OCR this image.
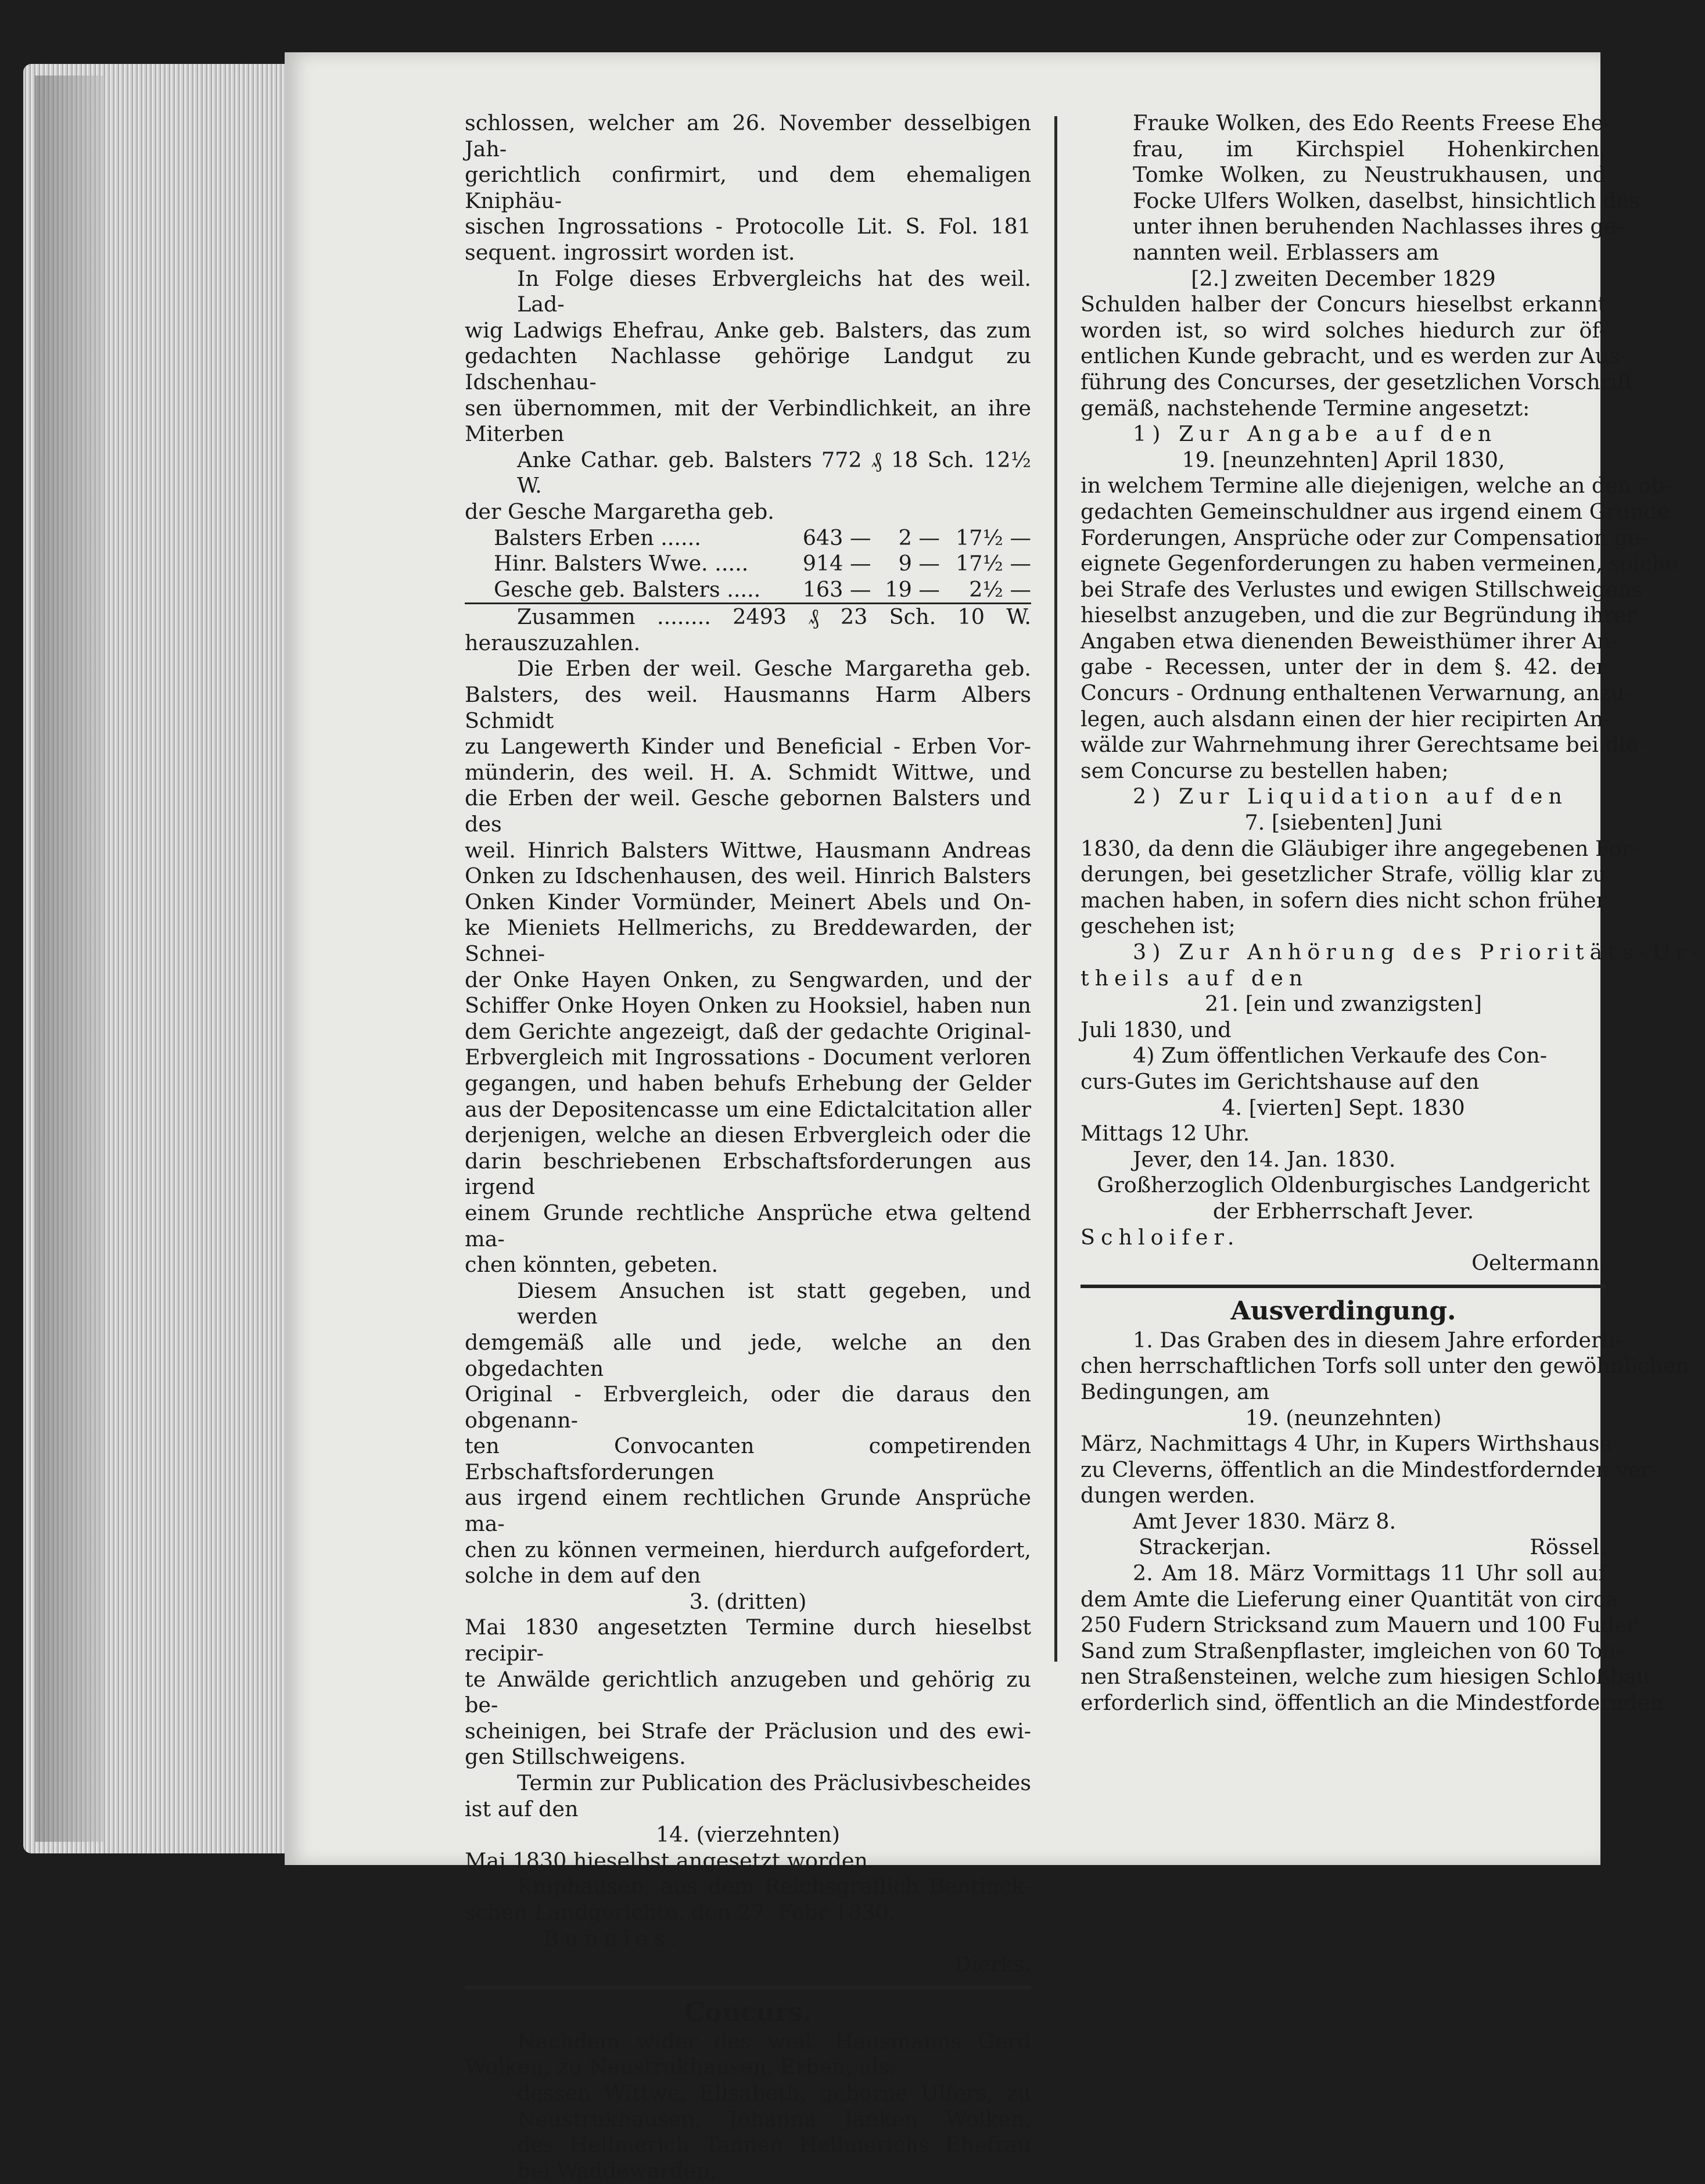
schlossen, welcher am 26. November desselbigen Jah-
gerichtlich confirmirt, und dem ehemaligen Kniphäu-
sischen Ingrossations - Protocolle Lit. S. Fol. 181
sequent. ingrossirt worden ist.
In Folge dieses Erbvergleichs hat des weil. Lad-
wig Ladwigs Ehefrau, Anke geb. Balsters, das zum
gedachten Nachlasse gehörige Landgut zu Idschenhau-
sen übernommen, mit der Verbindlichkeit, an ihre
Miterben
Anke Cathar. geb. Balsters 772 ₰ 18 Sch. 12½ W.
der Gesche Margaretha geb.
Balsters Erben ......	643 —	2 —	17½ —
Hinr. Balsters Wwe. .....	914 —	9 —	17½ —
Gesche geb. Balsters .....	163 —	19 —	2½ —
Zusammen ........ 2493 ₰ 23 Sch. 10 W.
herauszuzahlen.
Die Erben der weil. Gesche Margaretha geb.
Balsters, des weil. Hausmanns Harm Albers Schmidt
zu Langewerth Kinder und Beneficial - Erben Vor-
münderin, des weil. H. A. Schmidt Wittwe, und
die Erben der weil. Gesche gebornen Balsters und des
weil. Hinrich Balsters Wittwe, Hausmann Andreas
Onken zu Idschenhausen, des weil. Hinrich Balsters
Onken Kinder Vormünder, Meinert Abels und On-
ke Mieniets Hellmerichs, zu Breddewarden, der Schnei-
der Onke Hayen Onken, zu Sengwarden, und der
Schiffer Onke Hoyen Onken zu Hooksiel, haben nun
dem Gerichte angezeigt, daß der gedachte Original-
Erbvergleich mit Ingrossations - Document verloren
gegangen, und haben behufs Erhebung der Gelder
aus der Depositencasse um eine Edictalcitation aller
derjenigen, welche an diesen Erbvergleich oder die
darin beschriebenen Erbschaftsforderungen aus irgend
einem Grunde rechtliche Ansprüche etwa geltend ma-
chen könnten, gebeten.
Diesem Ansuchen ist statt gegeben, und werden
demgemäß alle und jede, welche an den obgedachten
Original - Erbvergleich, oder die daraus den obgenann-
ten Convocanten competirenden Erbschaftsforderungen
aus irgend einem rechtlichen Grunde Ansprüche ma-
chen zu können vermeinen, hierdurch aufgefordert,
solche in dem auf den
3. (dritten)
Mai 1830 angesetzten Termine durch hieselbst recipir-
te Anwälde gerichtlich anzugeben und gehörig zu be-
scheinigen, bei Strafe der Präclusion und des ewi-
gen Stillschweigens.
Termin zur Publication des Präclusivbescheides
ist auf den
14. (vierzehnten)
Mai 1830 hieselbst angesetzt worden.
Kniphausen, aus dem Reichsgräflich Bentinck-
schen Landgerichte, den 27. Febr 1830.
Bunnies.
Dierks.
Concurs.
Nachdem wider des weil. Hausmanns Gerd
Wolken, zu Neustrukhausen, Erben, als:
dessen Wittwe, Elisabeth, geborne Ulfers, zu
Neustrukhausen, Johanna Janken Wolken,
des Hellmerich Tannen Hellmerichs Ehefrau
bei Waddewarden,
Frauke Wolken, des Edo Reents Freese Ehe-
frau, im Kirchspiel Hohenkirchen,
Tomke Wolken, zu Neustrukhausen, und
Focke Ulfers Wolken, daselbst, hinsichtlich des
unter ihnen beruhenden Nachlasses ihres ge-
nannten weil. Erblassers am
[2.] zweiten December 1829
Schulden halber der Concurs hieselbst erkannt
worden ist, so wird solches hiedurch zur öf-
entlichen Kunde gebracht, und es werden zur Aus-
führung des Concurses, der gesetzlichen Vorschrift
gemäß, nachstehende Termine angesetzt:
1) Zur Angabe auf den
19. [neunzehnten] April 1830,
in welchem Termine alle diejenigen, welche an den ob-
gedachten Gemeinschuldner aus irgend einem Grunde
Forderungen, Ansprüche oder zur Compensation ge-
eignete Gegenforderungen zu haben vermeinen, solche
bei Strafe des Verlustes und ewigen Stillschweigens
hieselbst anzugeben, und die zur Begründung ihrer
Angaben etwa dienenden Beweisthümer ihrer An-
gabe - Recessen, unter der in dem §. 42. der
Concurs - Ordnung enthaltenen Verwarnung, anzu-
legen, auch alsdann einen der hier recipirten An-
wälde zur Wahrnehmung ihrer Gerechtsame bei die-
sem Concurse zu bestellen haben;
2) Zur Liquidation auf den
7. [siebenten] Juni
1830, da denn die Gläubiger ihre angegebenen For-
derungen, bei gesetzlicher Strafe, völlig klar zu
machen haben, in sofern dies nicht schon früher
geschehen ist;
3) Zur Anhörung des Prioritäts-Ur-
theils auf den
21. [ein und zwanzigsten]
Juli 1830, und
4) Zum öffentlichen Verkaufe des Con-
curs-Gutes im Gerichtshause auf den
4. [vierten] Sept. 1830
Mittags 12 Uhr.
Jever, den 14. Jan. 1830.
Großherzoglich Oldenburgisches Landgericht
der Erbherrschaft Jever.
Schloifer.
Oeltermann.
Ausverdingung.
1. Das Graben des in diesem Jahre erforderli-
chen herrschaftlichen Torfs soll unter den gewöhnlichen
Bedingungen, am
19. (neunzehnten)
März, Nachmittags 4 Uhr, in Kupers Wirthshause
zu Cleverns, öffentlich an die Mindestfordernden ver-
dungen werden.
Amt Jever 1830. März 8.
Strackerjan.	Rössel.
2. Am 18. März Vormittags 11 Uhr soll auf
dem Amte die Lieferung einer Quantität von circa
250 Fudern Stricksand zum Mauern und 100 Fuder
Sand zum Straßenpflaster, imgleichen von 60 Ton-
nen Straßensteinen, welche zum hiesigen Schloßbau
erforderlich sind, öffentlich an die Mindestfordernden
